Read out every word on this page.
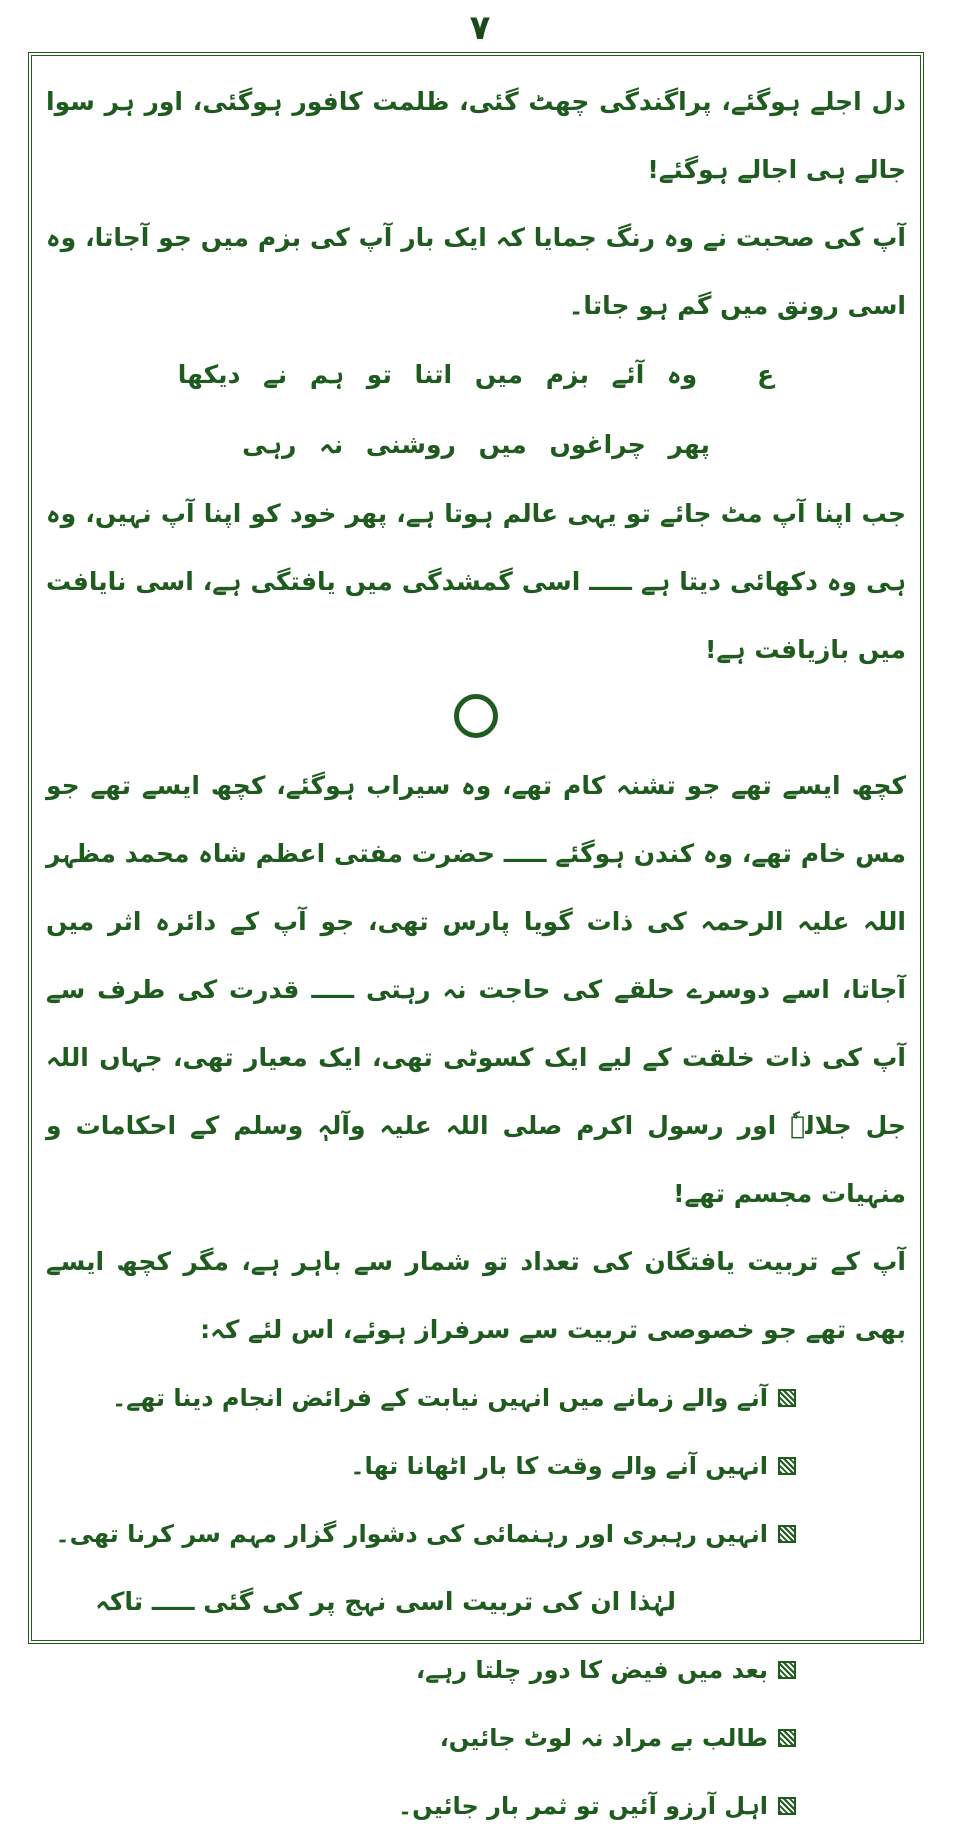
۷

دل اجلے ہوگئے، پراگندگی چھٹ گئی، ظلمت کافور ہوگئی، اور ہر سوا جالے ہی اجالے ہوگئے!

آپ کی صحبت نے وہ رنگ جمایا کہ ایک بار آپ کی بزم میں جو آجاتا، وہ اسی رونق میں گم ہو جاتا۔

عوہ آئے بزم میں اتنا تو ہم نے دیکھا

پھر چراغوں میں روشنی نہ رہی

جب اپنا آپ مٹ جائے تو یہی عالم ہوتا ہے، پھر خود کو اپنا آپ نہیں، وہ ہی وہ دکھائی دیتا ہے ـــــ اسی گمشدگی میں یافتگی ہے، اسی نایافت میں بازیافت ہے!

کچھ ایسے تھے جو تشنہ کام تھے، وہ سیراب ہوگئے، کچھ ایسے تھے جو مس خام تھے، وہ کندن ہوگئے ـــــ حضرت مفتی اعظم شاہ محمد مظہر اللہ علیہ الرحمہ کی ذات گویا پارس تھی، جو آپ کے دائرہ اثر میں آجاتا، اسے دوسرے حلقے کی حاجت نہ رہتی ـــــ قدرت کی طرف سے آپ کی ذات خلقت کے لیے ایک کسوٹی تھی، ایک معیار تھی، جہاں اللہ جل جلالہٗ اور رسول اکرم صلی اللہ علیہ وآلہٖ وسلم کے احکامات و منہیات مجسم تھے!

آپ کے تربیت یافتگان کی تعداد تو شمار سے باہر ہے، مگر کچھ ایسے بھی تھے جو خصوصی تربیت سے سرفراز ہوئے، اس لئے کہ:

آنے والے زمانے میں انہیں نیابت کے فرائض انجام دینا تھے۔
انہیں آنے والے وقت کا بار اٹھانا تھا۔
انہیں رہبری اور رہنمائی کی دشوار گزار مہم سر کرنا تھی۔

لہٰذا ان کی تربیت اسی نہج پر کی گئی ـــــ تاکہ

بعد میں فیض کا دور چلتا رہے،
طالب بے مراد نہ لوٹ جائیں،
اہل آرزو آئیں تو ثمر بار جائیں۔
